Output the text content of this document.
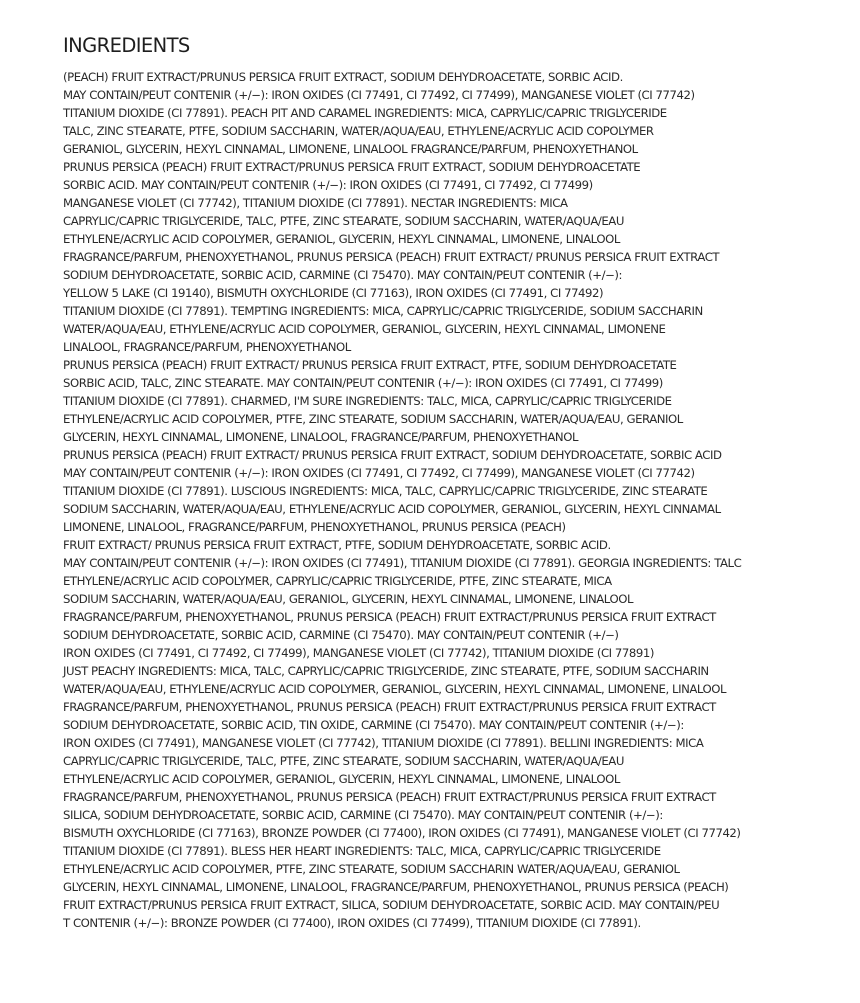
INGREDIENTS
(PEACH) FRUIT EXTRACT/PRUNUS PERSICA FRUIT EXTRACT, SODIUM DEHYDROACETATE, SORBIC ACID.
MAY CONTAIN/PEUT CONTENIR (+/−): IRON OXIDES (CI 77491, CI 77492, CI 77499), MANGANESE VIOLET (CI 77742)
TITANIUM DIOXIDE (CI 77891). PEACH PIT AND CARAMEL INGREDIENTS: MICA, CAPRYLIC/CAPRIC TRIGLYCERIDE
TALC, ZINC STEARATE, PTFE, SODIUM SACCHARIN, WATER/AQUA/EAU, ETHYLENE/ACRYLIC ACID COPOLYMER
GERANIOL, GLYCERIN, HEXYL CINNAMAL, LIMONENE, LINALOOL FRAGRANCE/PARFUM, PHENOXYETHANOL
PRUNUS PERSICA (PEACH) FRUIT EXTRACT/PRUNUS PERSICA FRUIT EXTRACT, SODIUM DEHYDROACETATE
SORBIC ACID. MAY CONTAIN/PEUT CONTENIR (+/−): IRON OXIDES (CI 77491, CI 77492, CI 77499)
MANGANESE VIOLET (CI 77742), TITANIUM DIOXIDE (CI 77891). NECTAR INGREDIENTS: MICA
CAPRYLIC/CAPRIC TRIGLYCERIDE, TALC, PTFE, ZINC STEARATE, SODIUM SACCHARIN, WATER/AQUA/EAU
ETHYLENE/ACRYLIC ACID COPOLYMER, GERANIOL, GLYCERIN, HEXYL CINNAMAL, LIMONENE, LINALOOL
FRAGRANCE/PARFUM, PHENOXYETHANOL, PRUNUS PERSICA (PEACH) FRUIT EXTRACT/ PRUNUS PERSICA FRUIT EXTRACT
SODIUM DEHYDROACETATE, SORBIC ACID, CARMINE (CI 75470). MAY CONTAIN/PEUT CONTENIR (+/−):
YELLOW 5 LAKE (CI 19140), BISMUTH OXYCHLORIDE (CI 77163), IRON OXIDES (CI 77491, CI 77492)
TITANIUM DIOXIDE (CI 77891). TEMPTING INGREDIENTS: MICA, CAPRYLIC/CAPRIC TRIGLYCERIDE, SODIUM SACCHARIN
WATER/AQUA/EAU, ETHYLENE/ACRYLIC ACID COPOLYMER, GERANIOL, GLYCERIN, HEXYL CINNAMAL, LIMONENE
LINALOOL, FRAGRANCE/PARFUM, PHENOXYETHANOL
PRUNUS PERSICA (PEACH) FRUIT EXTRACT/ PRUNUS PERSICA FRUIT EXTRACT, PTFE, SODIUM DEHYDROACETATE
SORBIC ACID, TALC, ZINC STEARATE. MAY CONTAIN/PEUT CONTENIR (+/−): IRON OXIDES (CI 77491, CI 77499)
TITANIUM DIOXIDE (CI 77891). CHARMED, I'M SURE INGREDIENTS: TALC, MICA, CAPRYLIC/CAPRIC TRIGLYCERIDE
ETHYLENE/ACRYLIC ACID COPOLYMER, PTFE, ZINC STEARATE, SODIUM SACCHARIN, WATER/AQUA/EAU, GERANIOL
GLYCERIN, HEXYL CINNAMAL, LIMONENE, LINALOOL, FRAGRANCE/PARFUM, PHENOXYETHANOL
PRUNUS PERSICA (PEACH) FRUIT EXTRACT/ PRUNUS PERSICA FRUIT EXTRACT, SODIUM DEHYDROACETATE, SORBIC ACID
MAY CONTAIN/PEUT CONTENIR (+/−): IRON OXIDES (CI 77491, CI 77492, CI 77499), MANGANESE VIOLET (CI 77742)
TITANIUM DIOXIDE (CI 77891). LUSCIOUS INGREDIENTS: MICA, TALC, CAPRYLIC/CAPRIC TRIGLYCERIDE, ZINC STEARATE
SODIUM SACCHARIN, WATER/AQUA/EAU, ETHYLENE/ACRYLIC ACID COPOLYMER, GERANIOL, GLYCERIN, HEXYL CINNAMAL
LIMONENE, LINALOOL, FRAGRANCE/PARFUM, PHENOXYETHANOL, PRUNUS PERSICA (PEACH)
FRUIT EXTRACT/ PRUNUS PERSICA FRUIT EXTRACT, PTFE, SODIUM DEHYDROACETATE, SORBIC ACID.
MAY CONTAIN/PEUT CONTENIR (+/−): IRON OXIDES (CI 77491), TITANIUM DIOXIDE (CI 77891). GEORGIA INGREDIENTS: TALC
ETHYLENE/ACRYLIC ACID COPOLYMER, CAPRYLIC/CAPRIC TRIGLYCERIDE, PTFE, ZINC STEARATE, MICA
SODIUM SACCHARIN, WATER/AQUA/EAU, GERANIOL, GLYCERIN, HEXYL CINNAMAL, LIMONENE, LINALOOL
FRAGRANCE/PARFUM, PHENOXYETHANOL, PRUNUS PERSICA (PEACH) FRUIT EXTRACT/PRUNUS PERSICA FRUIT EXTRACT
SODIUM DEHYDROACETATE, SORBIC ACID, CARMINE (CI 75470). MAY CONTAIN/PEUT CONTENIR (+/−)
IRON OXIDES (CI 77491, CI 77492, CI 77499), MANGANESE VIOLET (CI 77742), TITANIUM DIOXIDE (CI 77891)
JUST PEACHY INGREDIENTS: MICA, TALC, CAPRYLIC/CAPRIC TRIGLYCERIDE, ZINC STEARATE, PTFE, SODIUM SACCHARIN
WATER/AQUA/EAU, ETHYLENE/ACRYLIC ACID COPOLYMER, GERANIOL, GLYCERIN, HEXYL CINNAMAL, LIMONENE, LINALOOL
FRAGRANCE/PARFUM, PHENOXYETHANOL, PRUNUS PERSICA (PEACH) FRUIT EXTRACT/PRUNUS PERSICA FRUIT EXTRACT
SODIUM DEHYDROACETATE, SORBIC ACID, TIN OXIDE, CARMINE (CI 75470). MAY CONTAIN/PEUT CONTENIR (+/−):
IRON OXIDES (CI 77491), MANGANESE VIOLET (CI 77742), TITANIUM DIOXIDE (CI 77891). BELLINI INGREDIENTS: MICA
CAPRYLIC/CAPRIC TRIGLYCERIDE, TALC, PTFE, ZINC STEARATE, SODIUM SACCHARIN, WATER/AQUA/EAU
ETHYLENE/ACRYLIC ACID COPOLYMER, GERANIOL, GLYCERIN, HEXYL CINNAMAL, LIMONENE, LINALOOL
FRAGRANCE/PARFUM, PHENOXYETHANOL, PRUNUS PERSICA (PEACH) FRUIT EXTRACT/PRUNUS PERSICA FRUIT EXTRACT
SILICA, SODIUM DEHYDROACETATE, SORBIC ACID, CARMINE (CI 75470). MAY CONTAIN/PEUT CONTENIR (+/−):
BISMUTH OXYCHLORIDE (CI 77163), BRONZE POWDER (CI 77400), IRON OXIDES (CI 77491), MANGANESE VIOLET (CI 77742)
TITANIUM DIOXIDE (CI 77891). BLESS HER HEART INGREDIENTS: TALC, MICA, CAPRYLIC/CAPRIC TRIGLYCERIDE
ETHYLENE/ACRYLIC ACID COPOLYMER, PTFE, ZINC STEARATE, SODIUM SACCHARIN WATER/AQUA/EAU, GERANIOL
GLYCERIN, HEXYL CINNAMAL, LIMONENE, LINALOOL, FRAGRANCE/PARFUM, PHENOXYETHANOL, PRUNUS PERSICA (PEACH)
FRUIT EXTRACT/PRUNUS PERSICA FRUIT EXTRACT, SILICA, SODIUM DEHYDROACETATE, SORBIC ACID. MAY CONTAIN/PEU
T CONTENIR (+/−): BRONZE POWDER (CI 77400), IRON OXIDES (CI 77499), TITANIUM DIOXIDE (CI 77891).
